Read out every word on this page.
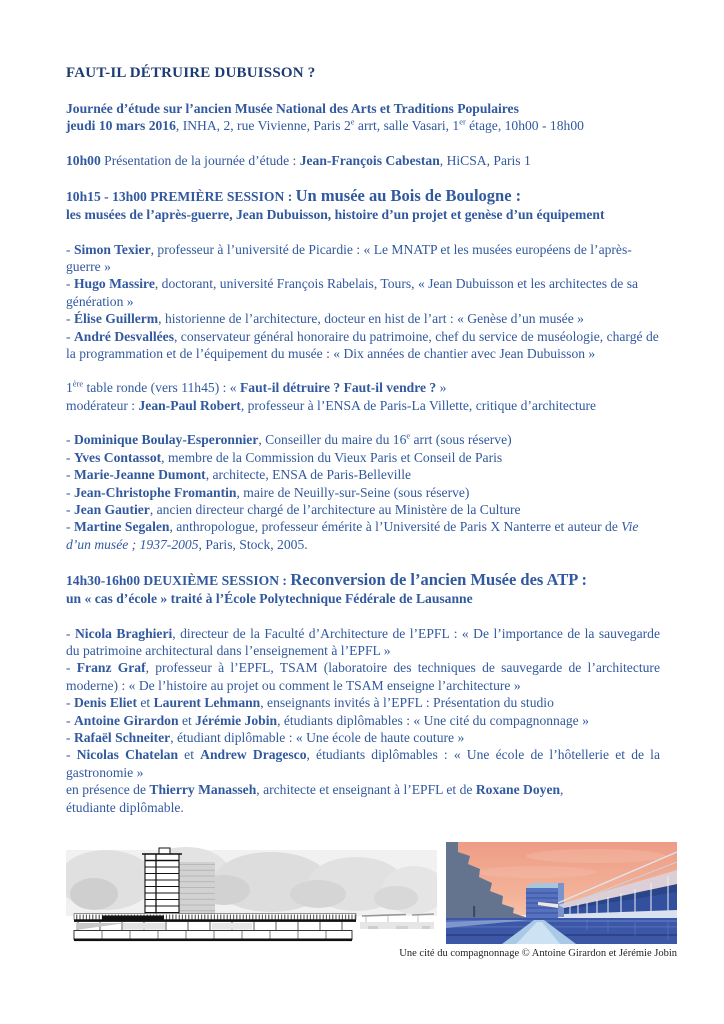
FAUT-IL DÉTRUIRE DUBUISSON ?
Journée d’étude sur l’ancien Musée National des Arts et Traditions Populaires
jeudi 10 mars 2016, INHA, 2, rue Vivienne, Paris 2e arrt, salle Vasari, 1er étage, 10h00 - 18h00
10h00 Présentation de la journée d’étude : Jean-François Cabestan, HiCSA, Paris 1
10h15 - 13h00 PREMIÈRE SESSION : Un musée au Bois de Boulogne :
les musées de l’après-guerre, Jean Dubuisson, histoire d’un projet et genèse d’un équipement
- Simon Texier, professeur à l’université de Picardie : « Le MNATP et les musées européens de l’après-guerre »
- Hugo Massire, doctorant, université François Rabelais, Tours, « Jean Dubuisson et les architectes de sa génération »
- Élise Guillerm, historienne de l’architecture, docteur en hist de l’art : « Genèse d’un musée »
- André Desvallées, conservateur général honoraire du patrimoine, chef du service de muséologie, chargé de la programmation et de l’équipement du musée : « Dix années de chantier avec Jean Dubuisson »
1ère table ronde (vers 11h45) : « Faut-il détruire ? Faut-il vendre ? »
modérateur : Jean-Paul Robert, professeur à l’ENSA de Paris-La Villette, critique d’architecture
- Dominique Boulay-Esperonnier, Conseiller du maire du 16e arrt (sous réserve)
- Yves Contassot, membre de la Commission du Vieux Paris et Conseil de Paris
- Marie-Jeanne Dumont, architecte, ENSA de Paris-Belleville
- Jean-Christophe Fromantin, maire de Neuilly-sur-Seine (sous réserve)
- Jean Gautier, ancien directeur chargé de l’architecture au Ministère de la Culture
- Martine Segalen, anthropologue, professeur émérite à l’Université de Paris X Nanterre et auteur de Vie d’un musée ; 1937-2005, Paris, Stock, 2005.
14h30-16h00 DEUXIÈME SESSION : Reconversion de l’ancien Musée des ATP :
un « cas d’école » traité à l’École Polytechnique Fédérale de Lausanne
- Nicola Braghieri, directeur de la Faculté d’Architecture de l’EPFL : « De l’importance de la sauvegarde du patrimoine architectural dans l’enseignement à l’EPFL »
- Franz Graf, professeur à l’EPFL, TSAM (laboratoire des techniques de sauvegarde de l’architecture moderne) : « De l’histoire au projet ou comment le TSAM enseigne l’architecture »
- Denis Eliet et Laurent Lehmann, enseignants invités à l’EPFL : Présentation du studio
- Antoine Girardon et Jérémie Jobin, étudiants diplômables : « Une cité du compagnonnage »
- Rafaël Schneiter, étudiant diplômable : « Une école de haute couture »
- Nicolas Chatelan et Andrew Dragesco, étudiants diplômables : « Une école de l’hôtellerie et de la gastronomie »
en présence de Thierry Manasseh, architecte et enseignant à l’EPFL et de Roxane Doyen,
étudiante diplômable.
Une cité du compagnonnage © Antoine Girardon et Jérémie Jobin
